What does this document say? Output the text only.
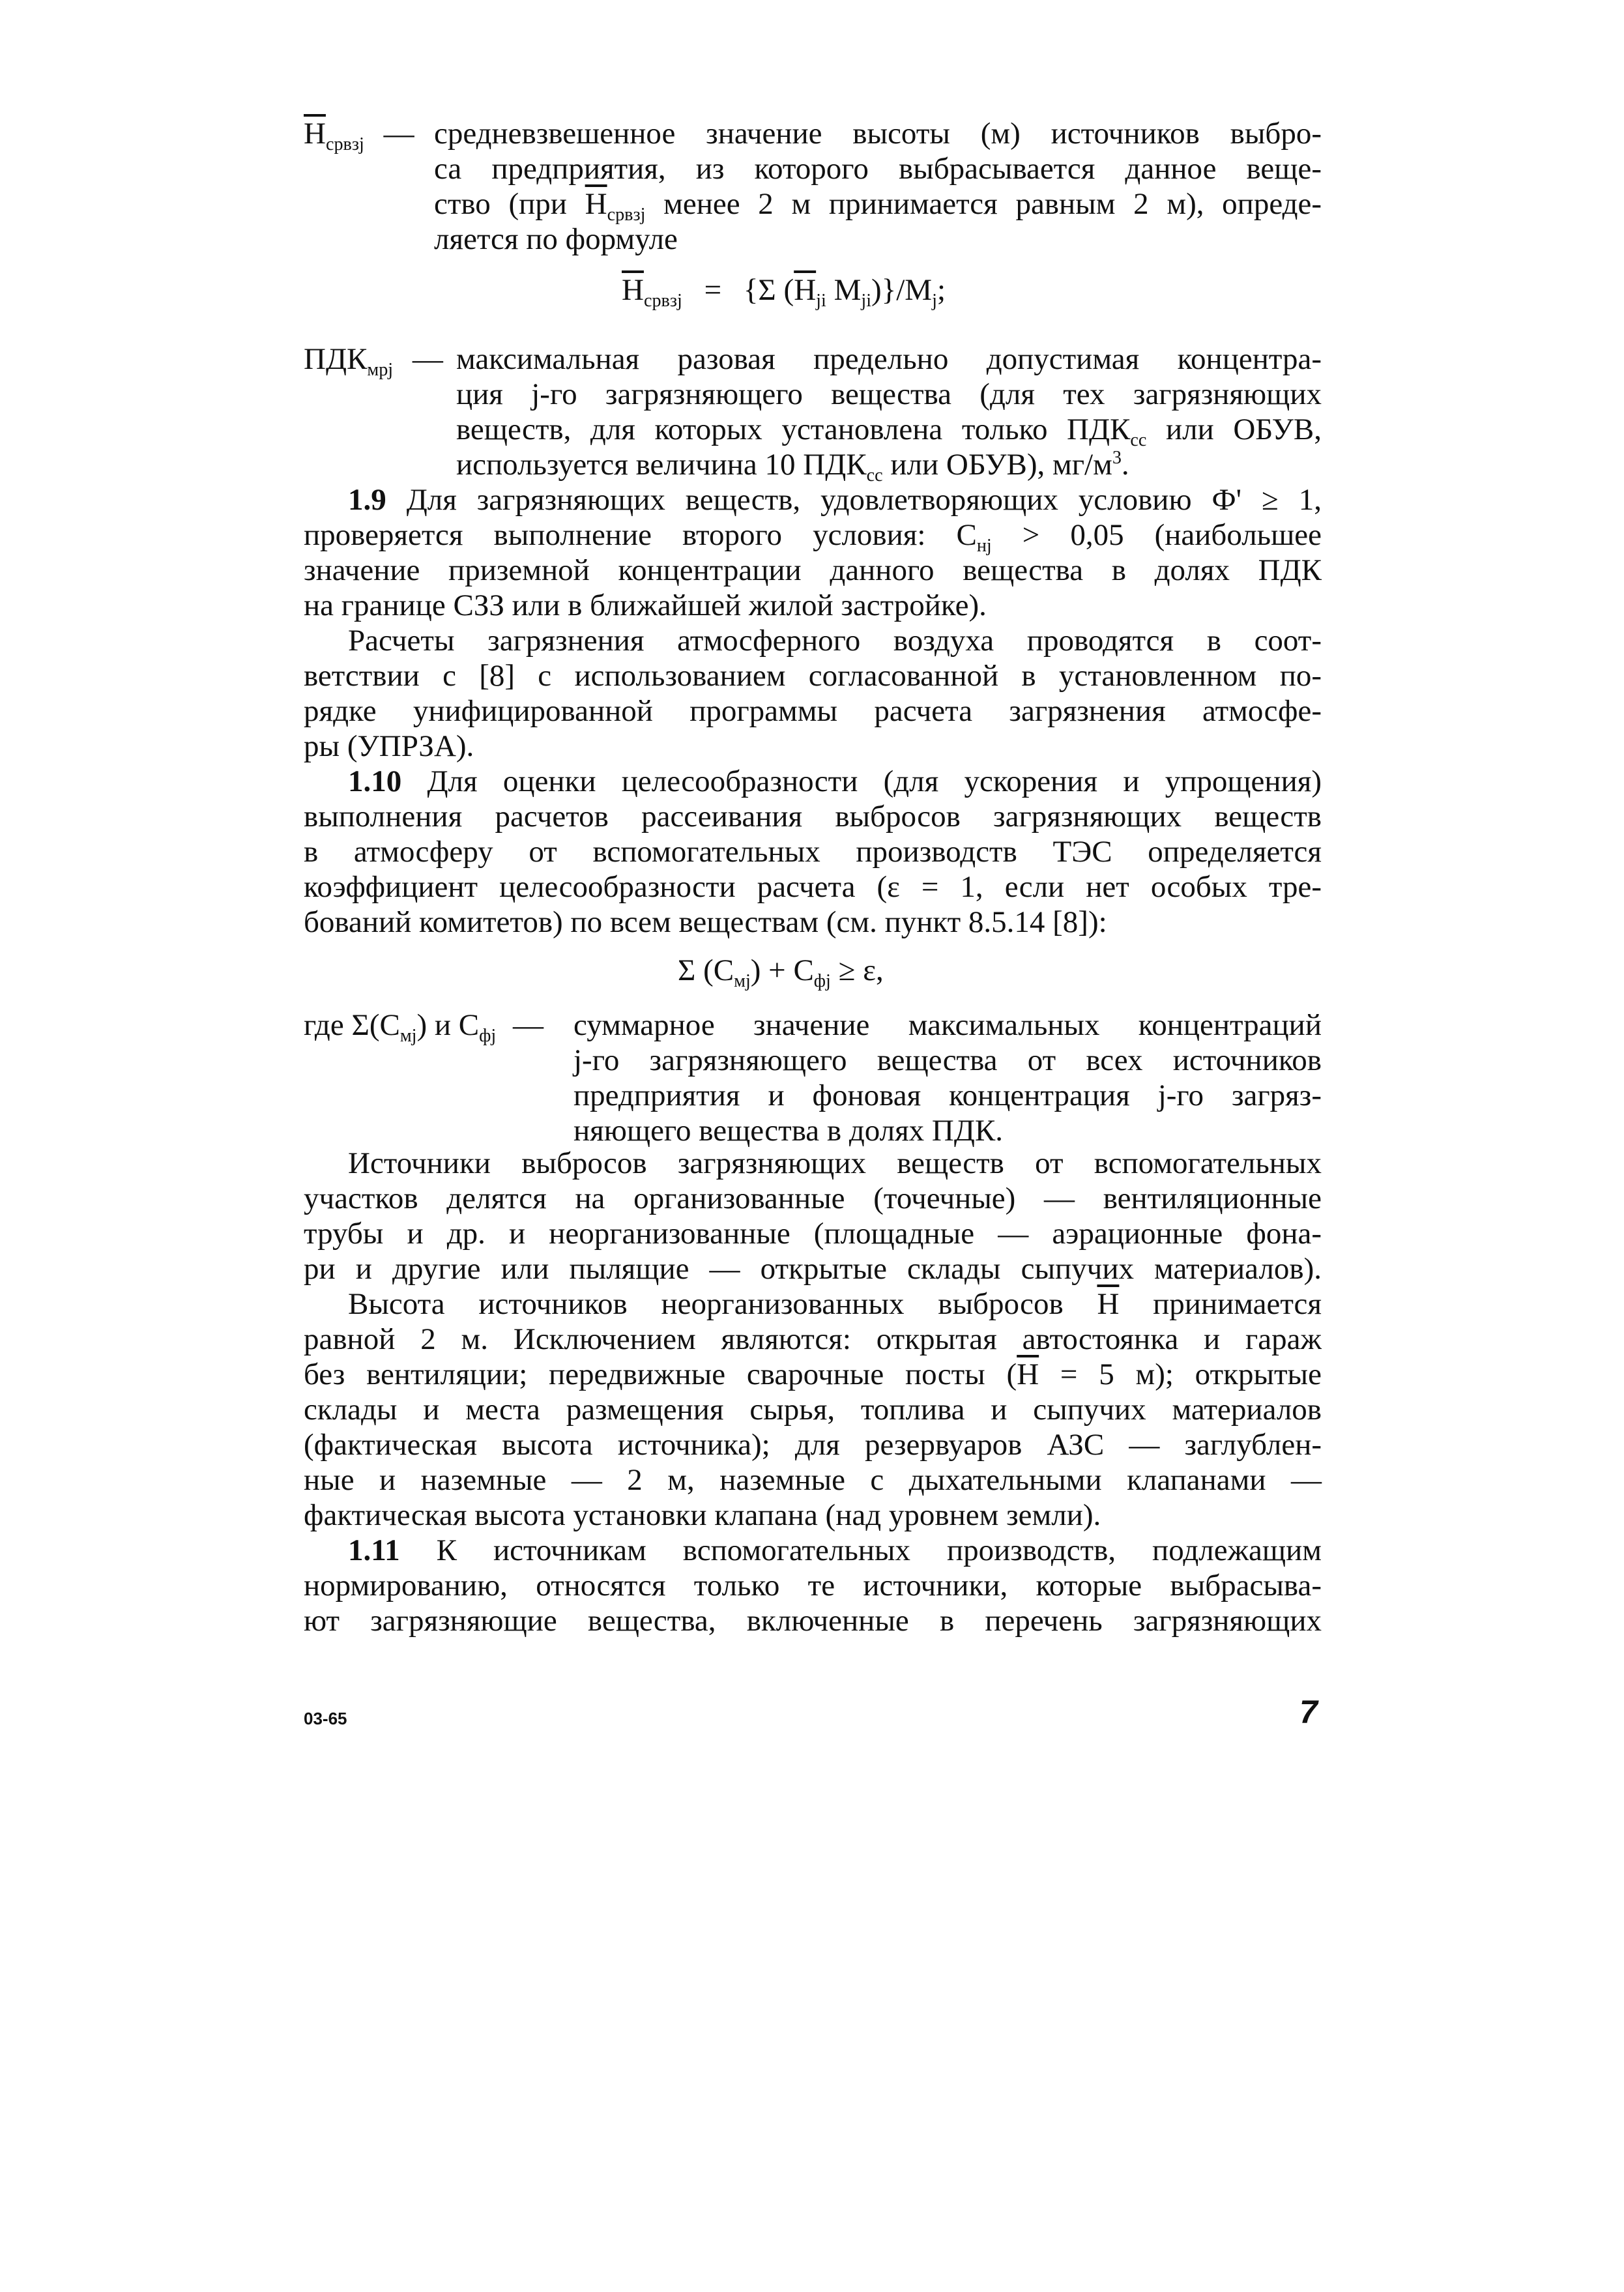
$\overline{H}_{срвзj}$ — средневзвешенное значение высоты (м) источников выбро-
са предприятия, из которого выбрасывается данное веще-
ство (при $\overline{H}_{срвзj}$ менее 2 м принимается равным 2 м), опреде-
ляется по формуле
$\overline{H}_{срвзj} = \{\Sigma$ ($\overline{H}_{ji}$ $M_{ji})\}/M_j$;
$ПДК_{мрj}$ — максимальная разовая предельно допустимая концентра-
ция j-го загрязняющего вещества (для тех загрязняющих
веществ, для которых установлена только $ПДК_{сс}$ или ОБУВ,
используется величина 10 $ПДК_{сс}$ или ОБУВ), $мг/м^3$.
1.9 Для загрязняющих веществ, удовлетворяющих условию Ф' ≥ 1,
проверяется выполнение второго условия: $С_{нj} > 0,05$ (наибольшее
значение приземной концентрации данного вещества в долях ПДК
на границе СЗЗ или в ближайшей жилой застройке).
Расчеты загрязнения атмосферного воздуха проводятся в соот-
ветствии с [8] с использованием согласованной в установленном по-
рядке унифицированной программы расчета загрязнения атмосфе-
ры (УПРЗА).
1.10 Для оценки целесообразности (для ускорения и упрощения)
выполнения расчетов рассеивания выбросов загрязняющих веществ
в атмосферу от вспомогательных производств ТЭС определяется
коэффициент целесообразности расчета (ε = 1, если нет особых тре-
бований комитетов) по всем веществам (см. пункт 8.5.14 [8]):
Σ $(С_{мj}) + С_{фj} \ge \varepsilon$,
где $\Sigma(С_{мj})$ и $С_{фj}$ — суммарное значение максимальных концентраций
j-го загрязняющего вещества от всех источников
предприятия и фоновая концентрация j-го загряз-
няющего вещества в долях ПДК.
Источники выбросов загрязняющих веществ от вспомогательных
участков делятся на организованные (точечные) — вентиляционные
трубы и др. и неорганизованные (площадные — аэрационные фона-
ри и другие или пылящие — открытые склады сыпучих материалов).
Высота источников неорганизованных выбросов $\overline{H}$ принимается
равной 2 м. Исключением являются: открытая автостоянка и гараж
без вентиляции; передвижные сварочные посты ($\overline{H} = 5$ м); открытые
склады и места размещения сырья, топлива и сыпучих материалов
(фактическая высота источника); для резервуаров АЗС — заглублен-
ные и наземные — 2 м, наземные с дыхательными клапанами —
фактическая высота установки клапана (над уровнем земли).
1.11 К источникам вспомогательных производств, подлежащим
нормированию, относятся только те источники, которые выбрасыва-
ют загрязняющие вещества, включенные в перечень загрязняющих
03-65	7
